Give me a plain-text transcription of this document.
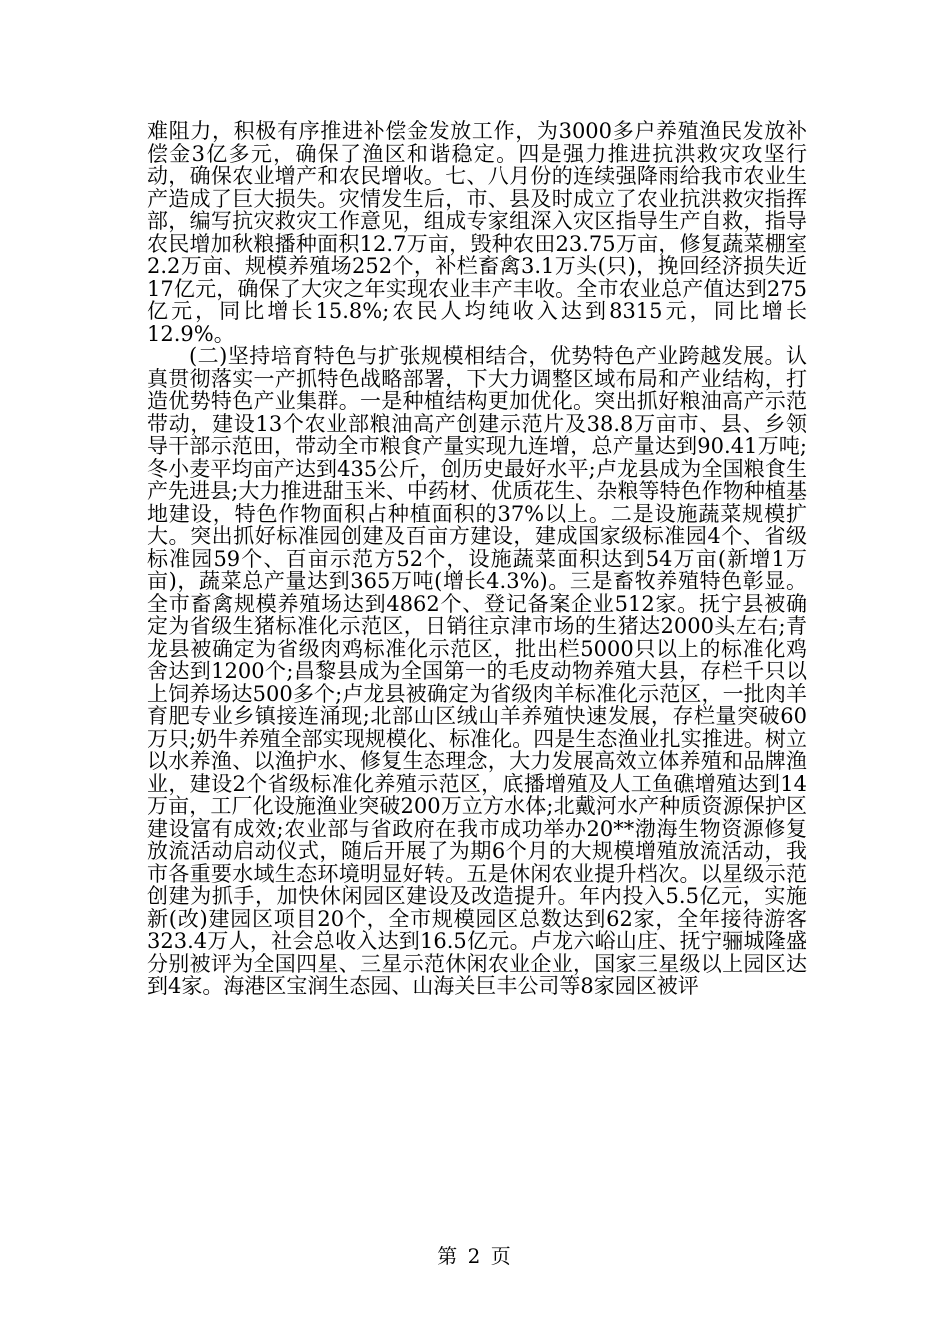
难阻力，积极有序推进补偿金发放工作，为3000多户养殖渔民发放补偿金3亿多元，确保了渔区和谐稳定。四是强力推进抗洪救灾攻坚行动，确保农业增产和农民增收。七、八月份的连续强降雨给我市农业生产造成了巨大损失。灾情发生后，市、县及时成立了农业抗洪救灾指挥部，编写抗灾救灾工作意见，组成专家组深入灾区指导生产自救，指导农民增加秋粮播种面积12.7万亩，毁种农田23.75万亩，修复蔬菜棚室2.2万亩、规模养殖场252个，补栏畜禽3.1万头(只)，挽回经济损失近17亿元，确保了大灾之年实现农业丰产丰收。全市农业总产值达到275亿元，同比增长15.8%;农民人均纯收入达到8315元，同比增长12.9%。

(二)坚持培育特色与扩张规模相结合，优势特色产业跨越发展。认真贯彻落实一产抓特色战略部署，下大力调整区域布局和产业结构，打造优势特色产业集群。一是种植结构更加优化。突出抓好粮油高产示范带动，建设13个农业部粮油高产创建示范片及38.8万亩市、县、乡领导干部示范田，带动全市粮食产量实现九连增，总产量达到90.41万吨;冬小麦平均亩产达到435公斤，创历史最好水平;卢龙县成为全国粮食生产先进县;大力推进甜玉米、中药材、优质花生、杂粮等特色作物种植基地建设，特色作物面积占种植面积的37%以上。二是设施蔬菜规模扩大。突出抓好标准园创建及百亩方建设，建成国家级标准园4个、省级标准园59个、百亩示范方52个，设施蔬菜面积达到54万亩(新增1万亩)，蔬菜总产量达到365万吨(增长4.3%)。三是畜牧养殖特色彰显。全市畜禽规模养殖场达到4862个、登记备案企业512家。抚宁县被确定为省级生猪标准化示范区，日销往京津市场的生猪达2000头左右;青龙县被确定为省级肉鸡标准化示范区，批出栏5000只以上的标准化鸡舍达到1200个;昌黎县成为全国第一的毛皮动物养殖大县，存栏千只以上饲养场达500多个;卢龙县被确定为省级肉羊标准化示范区，一批肉羊育肥专业乡镇接连涌现;北部山区绒山羊养殖快速发展，存栏量突破60万只;奶牛养殖全部实现规模化、标准化。四是生态渔业扎实推进。树立以水养渔、以渔护水、修复生态理念，大力发展高效立体养殖和品牌渔业，建设2个省级标准化养殖示范区，底播增殖及人工鱼礁增殖达到14万亩，工厂化设施渔业突破200万立方水体;北戴河水产种质资源保护区建设富有成效;农业部与省政府在我市成功举办20**渤海生物资源修复放流活动启动仪式，随后开展了为期6个月的大规模增殖放流活动，我市各重要水域生态环境明显好转。五是休闲农业提升档次。以星级示范创建为抓手，加快休闲园区建设及改造提升。年内投入5.5亿元，实施新(改)建园区项目20个，全市规模园区总数达到62家，全年接待游客323.4万人，社会总收入达到16.5亿元。卢龙六峪山庄、抚宁骊城隆盛分别被评为全国四星、三星示范休闲农业企业，国家三星级以上园区达到4家。海港区宝润生态园、山海关巨丰公司等8家园区被评

第 2 页
